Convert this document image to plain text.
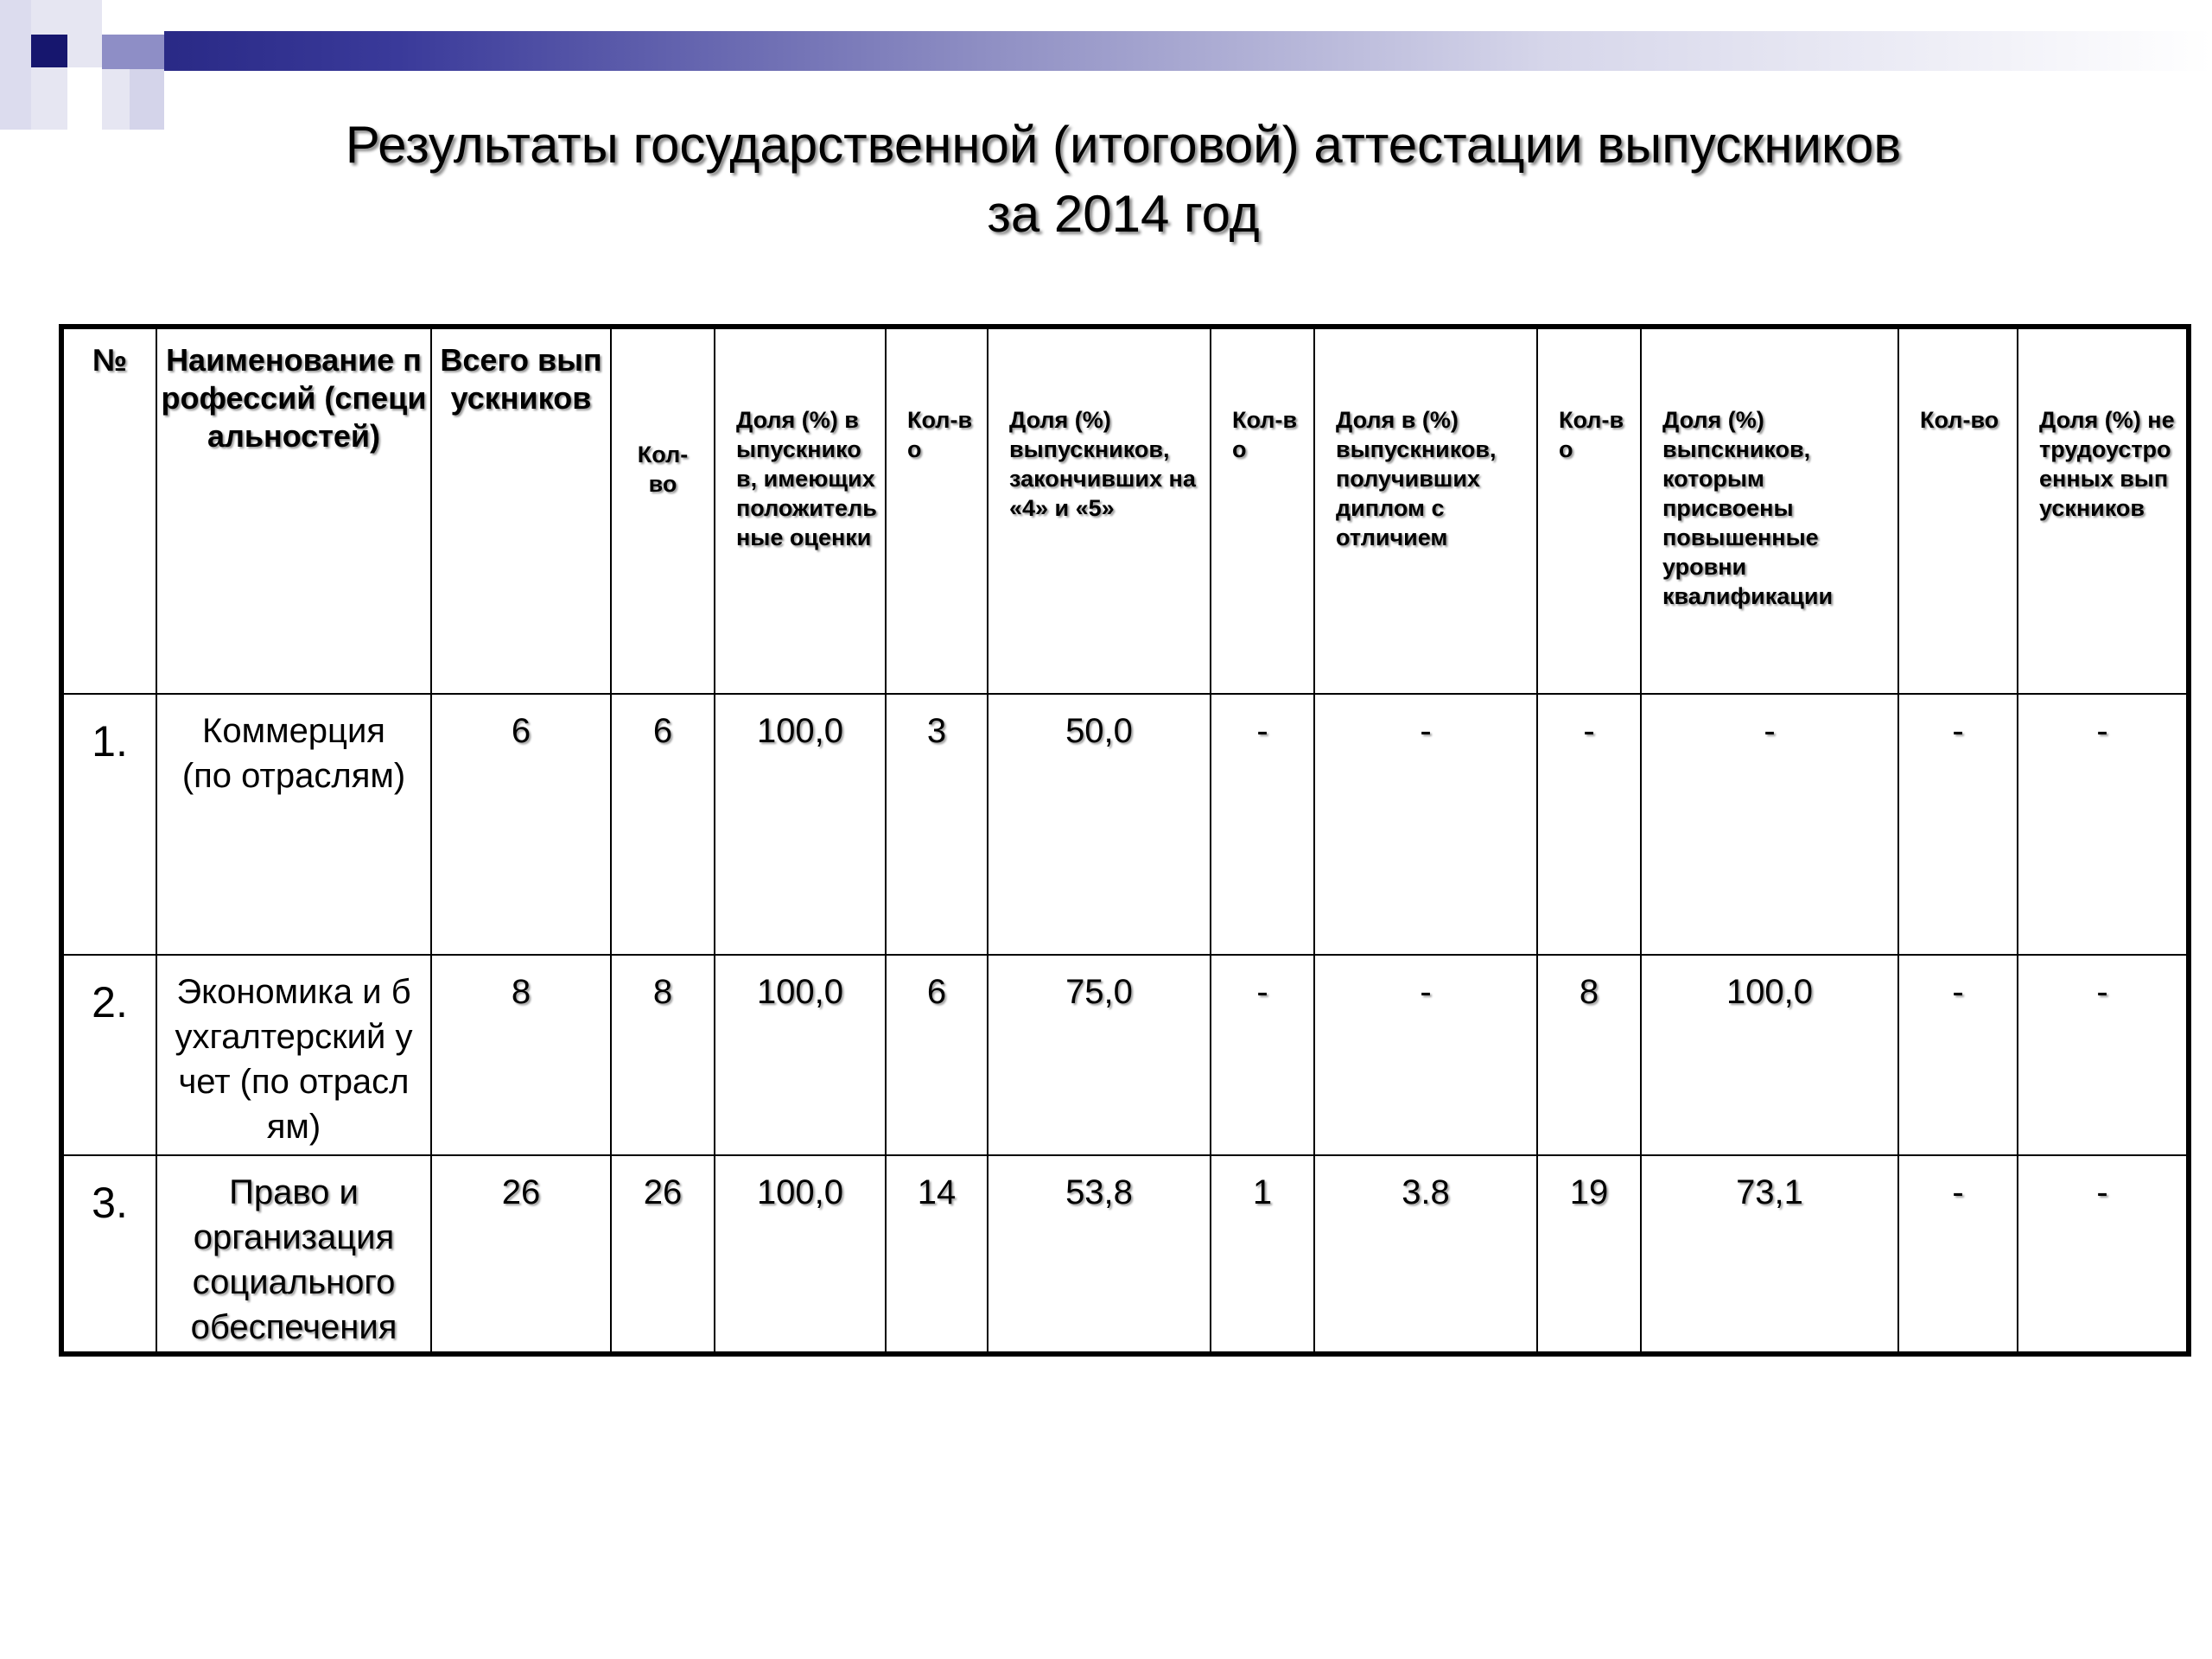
Результаты государственной (итоговой) аттестации выпускников
за 2014 год
№	Наименование профессий (специальностей)	Всего выпускников	Кол-во	Доля (%) выпускников, имеющих положительные оценки	Кол-во	Доля (%) выпускников, закончивших на «4» и «5»	Кол-во	Доля в (%) выпускников, получивших диплом с отличием	Кол-во	Доля (%) выпскников, которым присвоены повышенные уровни квалификации	Кол-во	Доля (%) нетрудоустроенных выпускников
1.	Коммерция (по отраслям)	6	6	100,0	3	50,0	-	-	-	-	-	-
2.	Экономика и бухгалтерский учет (по отраслям)	8	8	100,0	6	75,0	-	-	8	100,0	-	-
3.	Право и организация социального обеспечения	26	26	100,0	14	53,8	1	3.8	19	73,1	-	-
